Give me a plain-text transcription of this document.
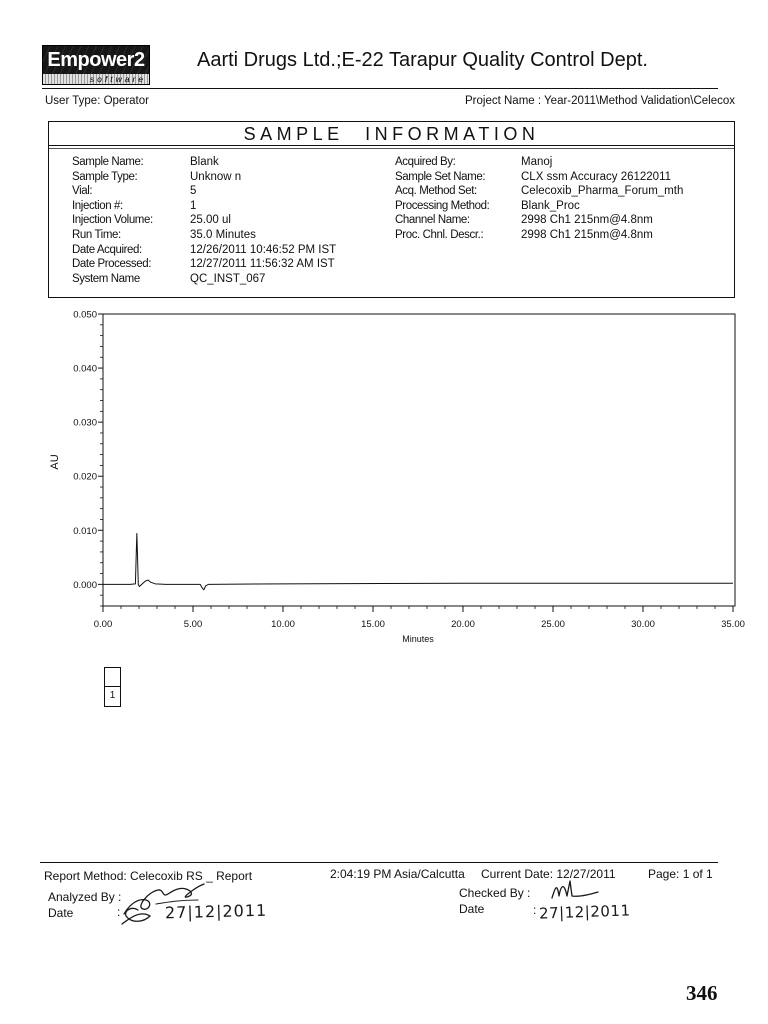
Empower2
software
Aarti Drugs Ltd.;E-22 Tarapur Quality Control Dept.
User Type: Operator	Project Name : Year-2011\Method Validation\Celecox
SAMPLE INFORMATION
Sample Name:	Blank
Sample Type:	Unknow n
Vial:	5
Injection #:	1
Injection Volume:	25.00 ul
Run Time:	35.0 Minutes
Date Acquired:	12/26/2011 10:46:52 PM IST
Date Processed:	12/27/2011 11:56:32 AM IST
System Name	QC_INST_067
Acquired By:	Manoj
Sample Set Name:	CLX ssm Accuracy 26122011
Acq. Method Set:	Celecoxib_Pharma_Forum_mth
Processing Method:	Blank_Proc
Channel Name:	2998 Ch1 215nm@4.8nm
Proc. Chnl. Descr.:	2998 Ch1 215nm@4.8nm
0.000
0.010
0.020
0.030
0.040
0.050
0.00	5.00	10.00	15.00	20.00	25.00	30.00	35.00
Minutes
AU
1
Report Method: Celecoxib RS _ Report	2:04:19 PM Asia/Calcutta Current Date: 12/27/2011	Page: 1 of 1
Analyzed By :
Date	:	27|12|2011
Checked By :
Date	: 27|12|2011
346
